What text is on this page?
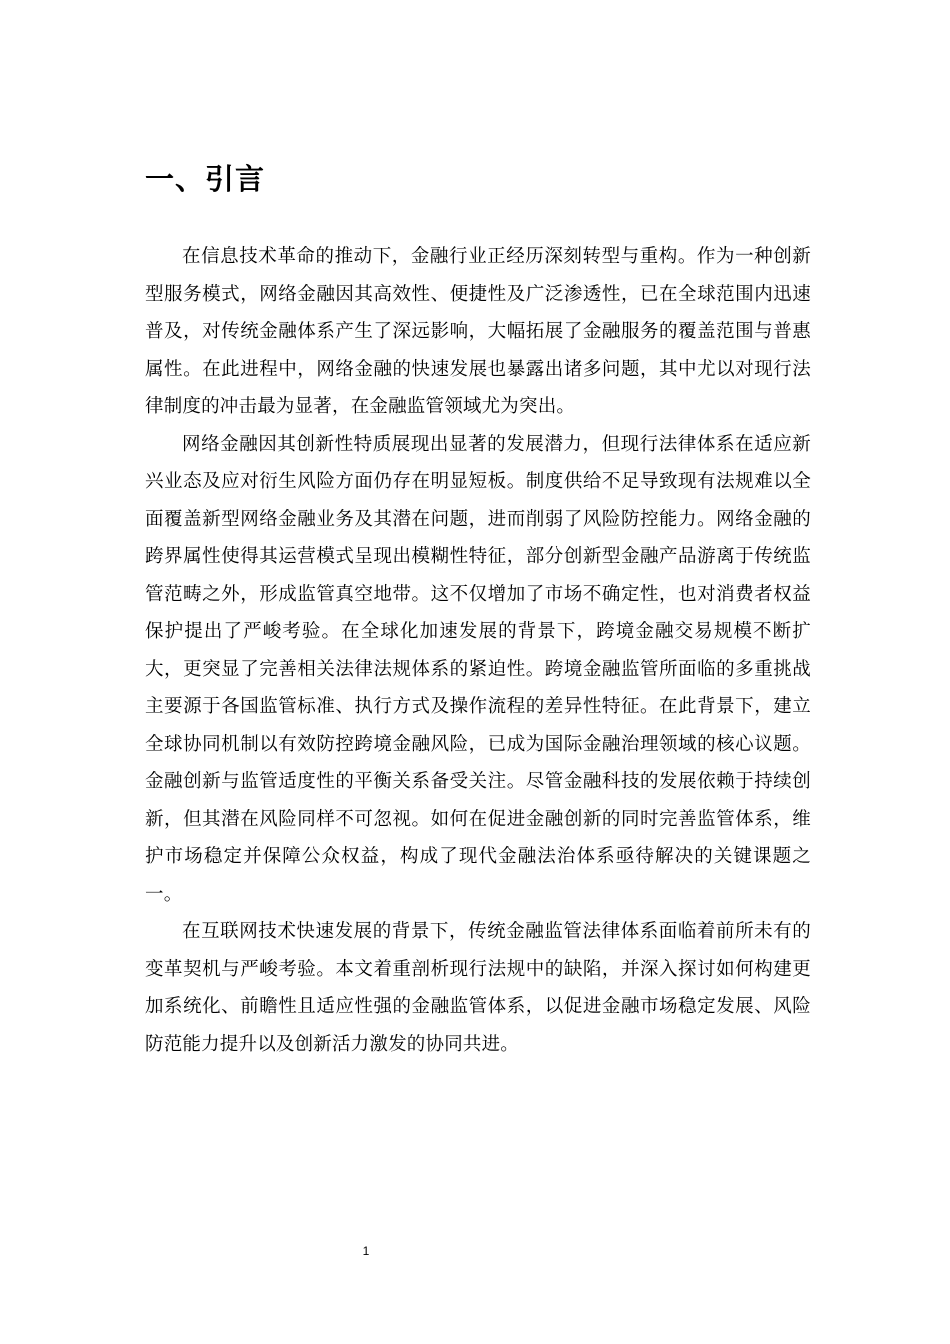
一、引言

在信息技术革命的推动下，金融行业正经历深刻转型与重构。作为一种创新型服务模式，网络金融因其高效性、便捷性及广泛渗透性，已在全球范围内迅速普及，对传统金融体系产生了深远影响，大幅拓展了金融服务的覆盖范围与普惠属性。在此进程中，网络金融的快速发展也暴露出诸多问题，其中尤以对现行法律制度的冲击最为显著，在金融监管领域尤为突出。

网络金融因其创新性特质展现出显著的发展潜力，但现行法律体系在适应新兴业态及应对衍生风险方面仍存在明显短板。制度供给不足导致现有法规难以全面覆盖新型网络金融业务及其潜在问题，进而削弱了风险防控能力。网络金融的跨界属性使得其运营模式呈现出模糊性特征，部分创新型金融产品游离于传统监管范畴之外，形成监管真空地带。这不仅增加了市场不确定性，也对消费者权益保护提出了严峻考验。在全球化加速发展的背景下，跨境金融交易规模不断扩大，更突显了完善相关法律法规体系的紧迫性。跨境金融监管所面临的多重挑战主要源于各国监管标准、执行方式及操作流程的差异性特征。在此背景下，建立全球协同机制以有效防控跨境金融风险，已成为国际金融治理领域的核心议题。金融创新与监管适度性的平衡关系备受关注。尽管金融科技的发展依赖于持续创新，但其潜在风险同样不可忽视。如何在促进金融创新的同时完善监管体系，维护市场稳定并保障公众权益，构成了现代金融法治体系亟待解决的关键课题之一。

在互联网技术快速发展的背景下，传统金融监管法律体系面临着前所未有的变革契机与严峻考验。本文着重剖析现行法规中的缺陷，并深入探讨如何构建更加系统化、前瞻性且适应性强的金融监管体系，以促进金融市场稳定发展、风险防范能力提升以及创新活力激发的协同共进。

1
